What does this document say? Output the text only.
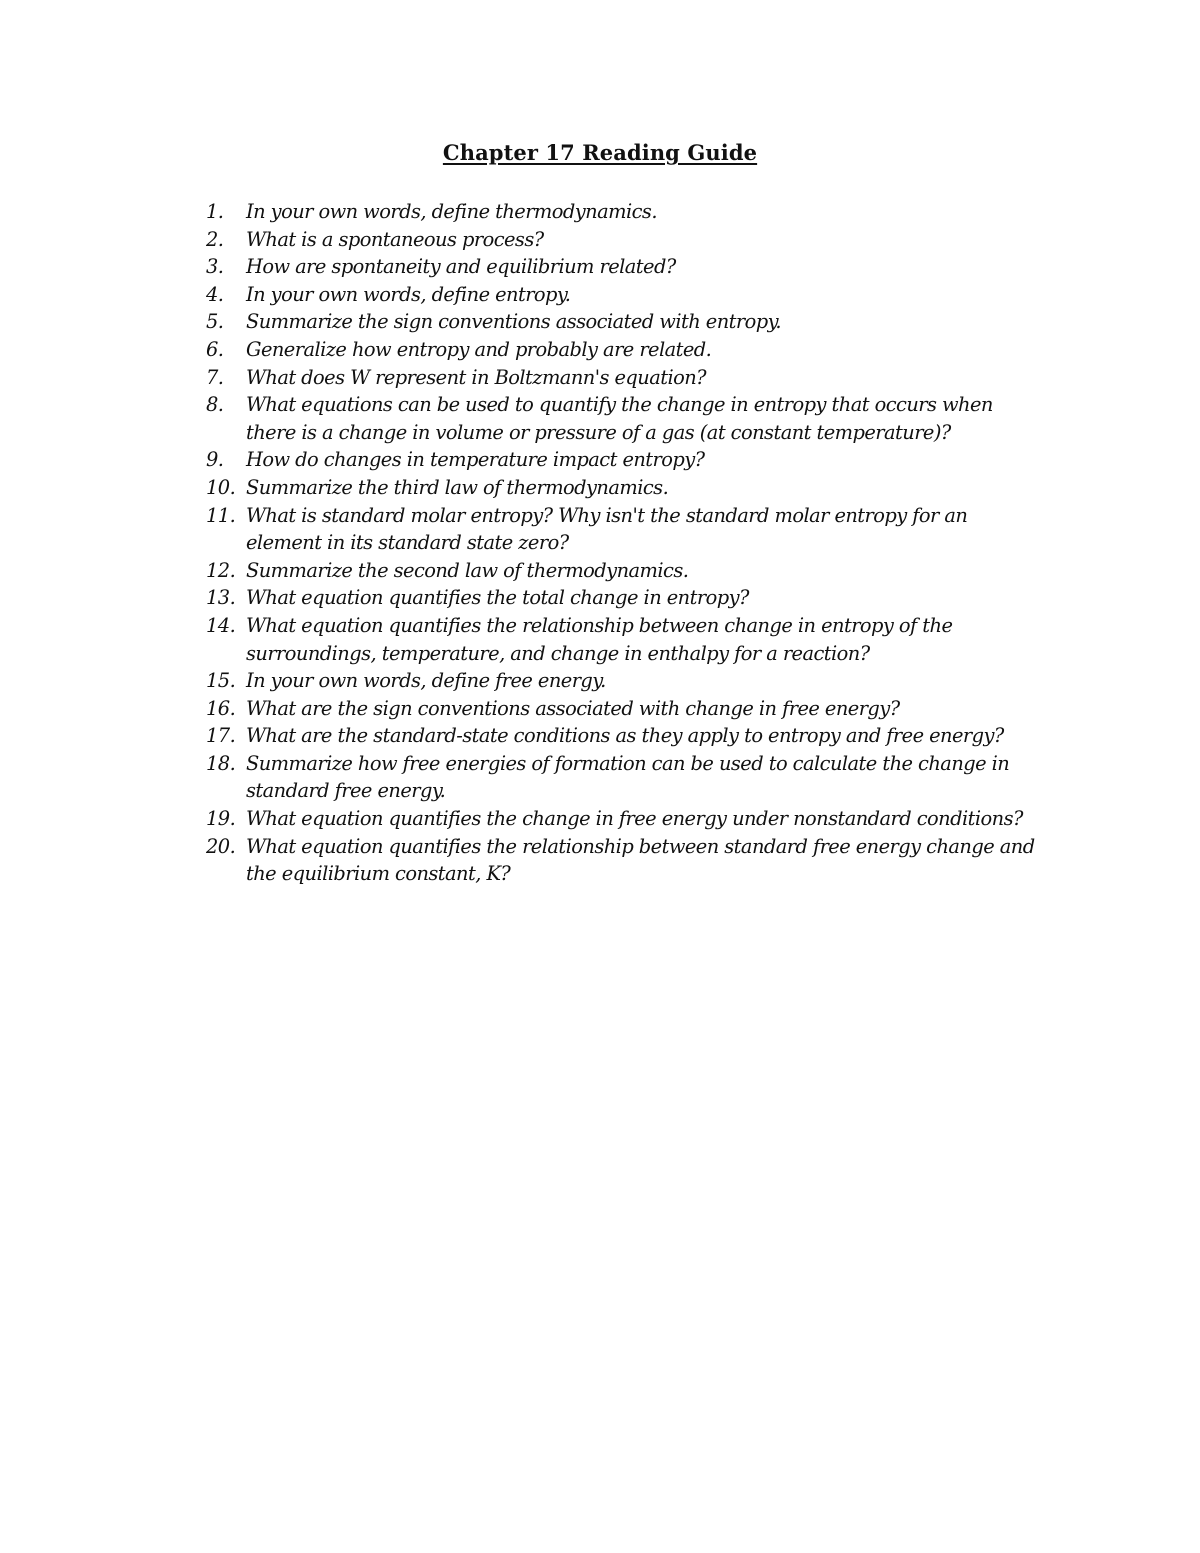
Chapter 17 Reading Guide
1. In your own words, define thermodynamics.
2. What is a spontaneous process?
3. How are spontaneity and equilibrium related?
4. In your own words, define entropy.
5. Summarize the sign conventions associated with entropy.
6. Generalize how entropy and probably are related.
7. What does W represent in Boltzmann's equation?
8. What equations can be used to quantify the change in entropy that occurs when there is a change in volume or pressure of a gas (at constant temperature)?
9. How do changes in temperature impact entropy?
10. Summarize the third law of thermodynamics.
11. What is standard molar entropy? Why isn't the standard molar entropy for an element in its standard state zero?
12. Summarize the second law of thermodynamics.
13. What equation quantifies the total change in entropy?
14. What equation quantifies the relationship between change in entropy of the surroundings, temperature, and change in enthalpy for a reaction?
15. In your own words, define free energy.
16. What are the sign conventions associated with change in free energy?
17. What are the standard-state conditions as they apply to entropy and free energy?
18. Summarize how free energies of formation can be used to calculate the change in standard free energy.
19. What equation quantifies the change in free energy under nonstandard conditions?
20. What equation quantifies the relationship between standard free energy change and the equilibrium constant, K?
